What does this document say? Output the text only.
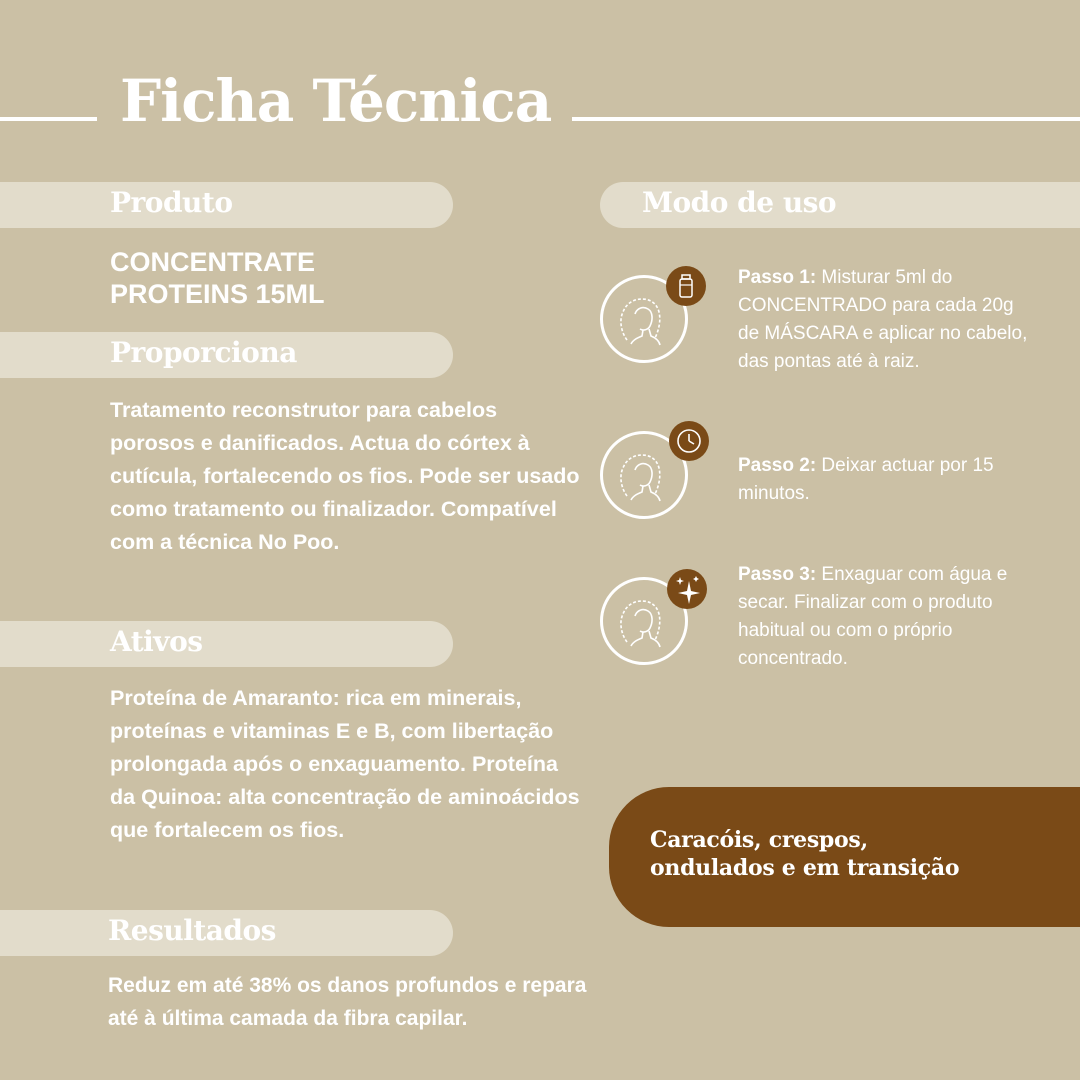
Ficha Técnica
Produto
CONCENTRATE
PROTEINS 15ML
Proporciona
Tratamento reconstrutor para cabelos porosos e danificados. Actua do córtex à cutícula, fortalecendo os fios. Pode ser usado como tratamento ou finalizador. Compatível com a técnica No Poo.
Ativos
Proteína de Amaranto: rica em minerais, proteínas e vitaminas E e B, com libertação prolongada após o enxaguamento. Proteína da Quinoa: alta concentração de aminoácidos que fortalecem os fios.
Resultados
Reduz em até 38% os danos profundos e repara até à última camada da fibra capilar.
Modo de uso
Passo 1: Misturar 5ml do CONCENTRADO para cada 20g de MÁSCARA e aplicar no cabelo, das pontas até à raiz.
Passo 2: Deixar actuar por 15 minutos.
Passo 3: Enxaguar com água e secar. Finalizar com o produto habitual ou com o próprio concentrado.
Caracóis, crespos,
ondulados e em transição
